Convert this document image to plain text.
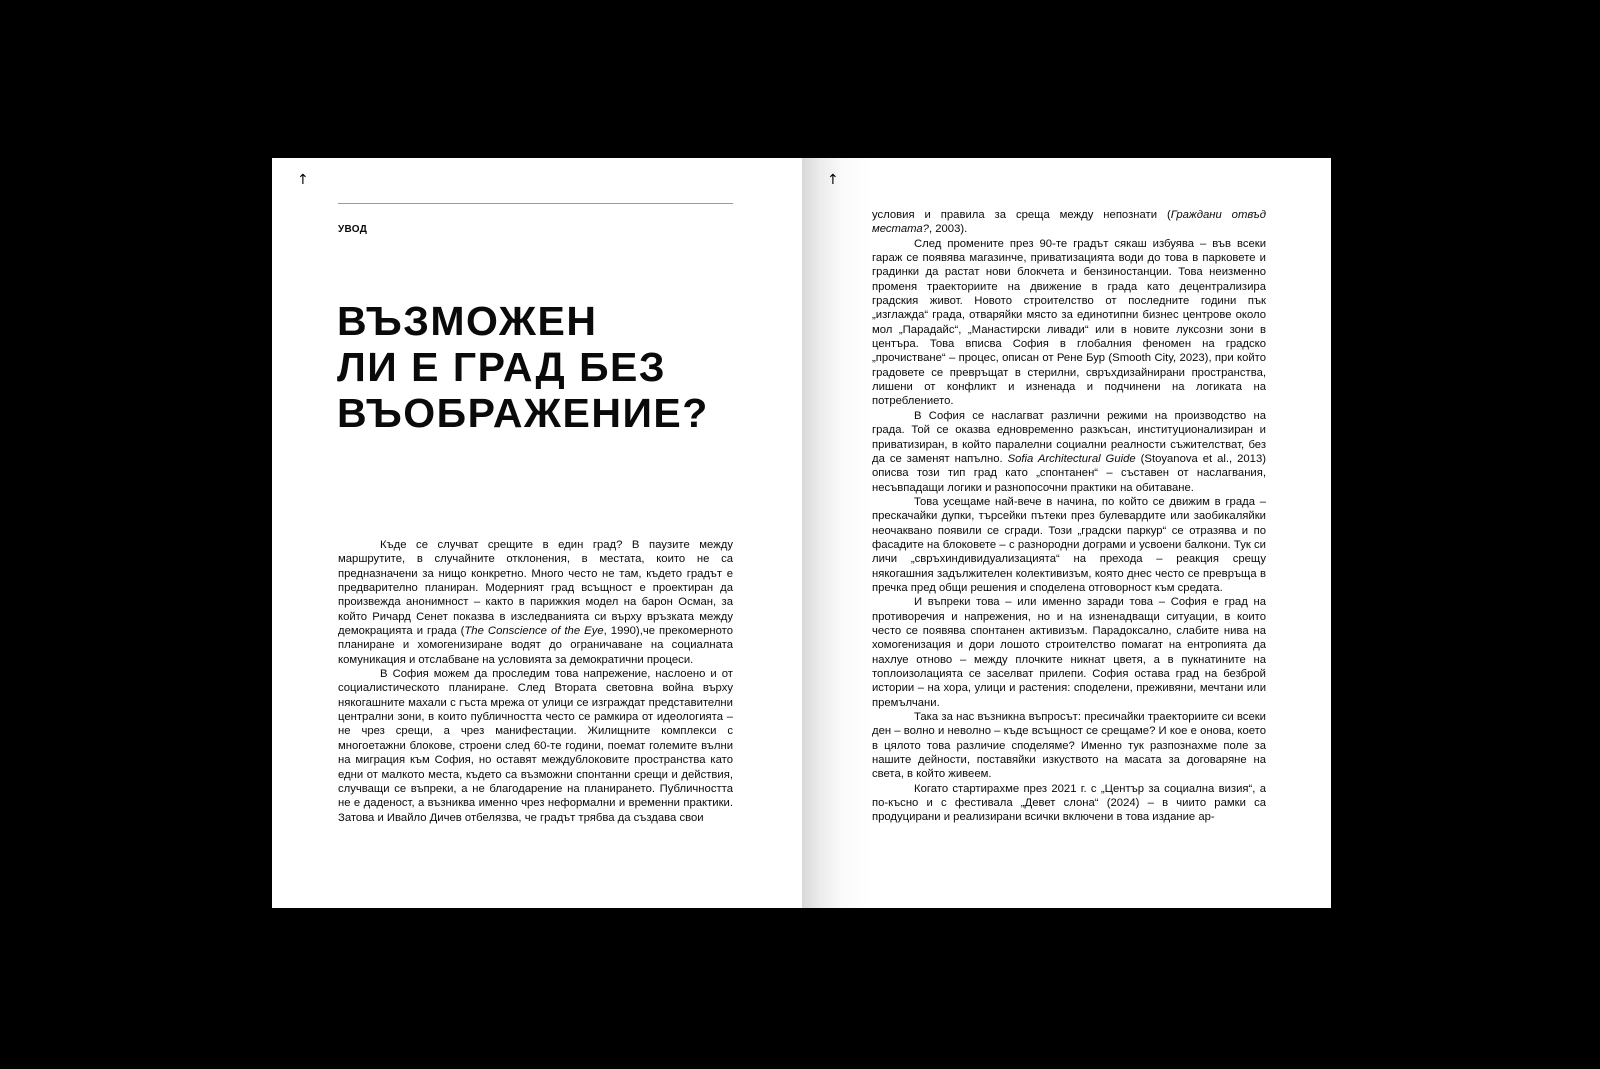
↑

УВОД

ВЪЗМОЖЕН
ЛИ Е ГРАД БЕЗ
ВЪОБРАЖЕНИЕ?

Къде се случват срещите в един град? В паузите между маршрутите, в случайните отклонения, в местата, които не са предназначени за нищо конкретно. Много често не там, където градът е предварително планиран. Модерният град всъщност е проектиран да произвежда анонимност – както в парижкия модел на барон Осман, за който Ричард Сенет показва в изследванията си върху връзката между демокрацията и града (The Conscience of the Eye, 1990),че прекомерното планиране и хомогенизиране водят до ограничаване на социалната комуникация и отслабване на условията за демократични процеси.

В София можем да проследим това напрежение, наслоено и от социалистическото планиране. След Втората световна война върху някогашните махали с гъста мрежа от улици се изграждат представителни централни зони, в които публичността често се рамкира от идеологията – не чрез срещи, а чрез манифестации. Жилищните комплекси с многоетажни блокове, строени след 60-те години, поемат големите вълни на миграция към София, но оставят междублоковите пространства като едни от малкото места, където са възможни спонтанни срещи и действия, случващи се въпреки, а не благодарение на планирането. Публичността не е даденост, а възниква именно чрез неформални и временни практики. Затова и Ивайло Дичев отбелязва, че градът трябва да създава свои

↑

условия и правила за среща между непознати (Граждани отвъд местата?, 2003).

След промените през 90-те градът сякаш избуява – във всеки гараж се появява магазинче, приватизацията води до това в парковете и градинки да растат нови блокчета и бензиностанции. Това неизменно променя траекториите на движение в града като децентрализира градския живот. Новото строителство от последните години пък „изглажда“ града, отваряйки място за единотипни бизнес центрове около мол „Парадайс“, „Манастирски ливади“ или в новите луксозни зони в центъра. Това вписва София в глобалния феномен на градско „прочистване“ – процес, описан от Рене Бур (Smooth City, 2023), при който градовете се превръщат в стерилни, свръхдизайнирани пространства, лишени от конфликт и изненада и подчинени на логиката на потреблението.

В София се наслагват различни режими на производство на града. Той се оказва едновременно разкъсан, институционализиран и приватизиран, в който паралелни социални реалности съжителстват, без да се заменят напълно. Sofia Architectural Guide (Stoyanova et al., 2013) описва този тип град като „спонтанен“ – съставен от наслагвания, несъвпадащи логики и разнопосочни практики на обитаване.

Това усещаме най-вече в начина, по който се движим в града – прескачайки дупки, търсейки пътеки през булевардите или заобикаляйки неочаквано появили се сгради. Този „градски паркур“ се отразява и по фасадите на блоковете – с разнородни дограми и усвоени балкони. Тук си личи „свръхиндивидуализацията“ на прехода – реакция срещу някогашния задължителен колективизъм, която днес често се превръща в пречка пред общи решения и споделена отговорност към средата.

И въпреки това – или именно заради това – София е град на противоречия и напрежения, но и на изненадващи ситуации, в които често се появява спонтанен активизъм. Парадоксално, слабите нива на хомогенизация и дори лошото строителство помагат на ентропията да нахлуе отново – между плочките никнат цветя, а в пукнатините на топлоизолацията се заселват прилепи. София остава град на безброй истории – на хора, улици и растения: споделени, преживяни, мечтани или премълчани.

Така за нас възникна въпросът: пресичайки траекториите си всеки ден – волно и неволно – къде всъщност се срещаме? И кое е онова, което в цялото това различие споделяме? Именно тук разпознахме поле за нашите дейности, поставяйки изкуството на масата за договаряне на света, в който живеем.

Когато стартирахме през 2021 г. с „Център за социална визия“, а по-късно и с фестивала „Девет слона“ (2024) – в чиито рамки са продуцирани и реализирани всички включени в това издание ар-
